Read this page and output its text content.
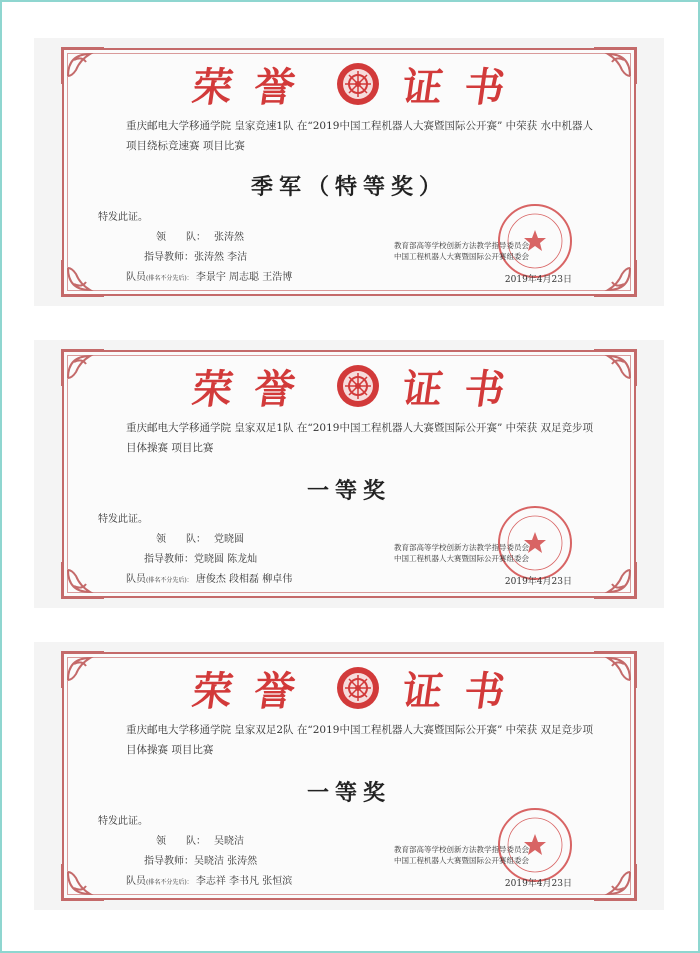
荣 誉	证 书
重庆邮电大学移通学院 皇家竞速1队 在“2019中国工程机器人大赛暨国际公开赛” 中荣获 水中机器人项目绕标竞速赛 项目比赛
季军（特等奖）
特发此证。
领　　队： 张涛然
指导教师：张涛然 李洁
队员(排名不分先后)： 李景宇 周志聪 王浩博
教育部高等学校创新方法教学指导委员会
中国工程机器人大赛暨国际公开赛组委会
2019年4月23日
荣 誉	证 书
重庆邮电大学移通学院 皇家双足1队 在“2019中国工程机器人大赛暨国际公开赛” 中荣获 双足竞步项目体操赛 项目比赛
一等奖
特发此证。
领　　队： 党晓圆
指导教师：党晓圆 陈龙灿
队员(排名不分先后)： 唐俊杰 段相磊 柳卓伟
教育部高等学校创新方法教学指导委员会
中国工程机器人大赛暨国际公开赛组委会
2019年4月23日
荣 誉	证 书
重庆邮电大学移通学院 皇家双足2队 在“2019中国工程机器人大赛暨国际公开赛” 中荣获 双足竞步项目体操赛 项目比赛
一等奖
特发此证。
领　　队： 吴晓洁
指导教师：吴晓洁 张涛然
队员(排名不分先后)： 李志祥 李书凡 张恒滨
教育部高等学校创新方法教学指导委员会
中国工程机器人大赛暨国际公开赛组委会
2019年4月23日
